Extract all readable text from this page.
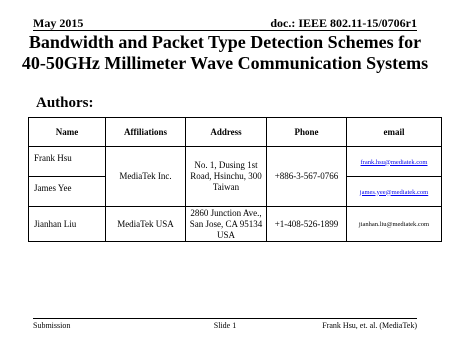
May 2015	doc.: IEEE 802.11-15/0706r1
Bandwidth and Packet Type Detection Schemes for 40-50GHz Millimeter Wave Communication Systems
Authors:
Name	Affiliations	Address	Phone	email
Frank Hsu	MediaTek Inc.	No. 1, Dusing 1st Road, Hsinchu, 300 Taiwan	+886-3-567-0766	frank.hsu@mediatek.com
James Yee				james.yee@mediatek.com
Jianhan Liu	MediaTek USA	2860 Junction Ave., San Jose, CA 95134 USA	+1-408-526-1899	jianhan.liu@mediatek.com
Submission	Slide 1	Frank Hsu, et. al. (MediaTek)
